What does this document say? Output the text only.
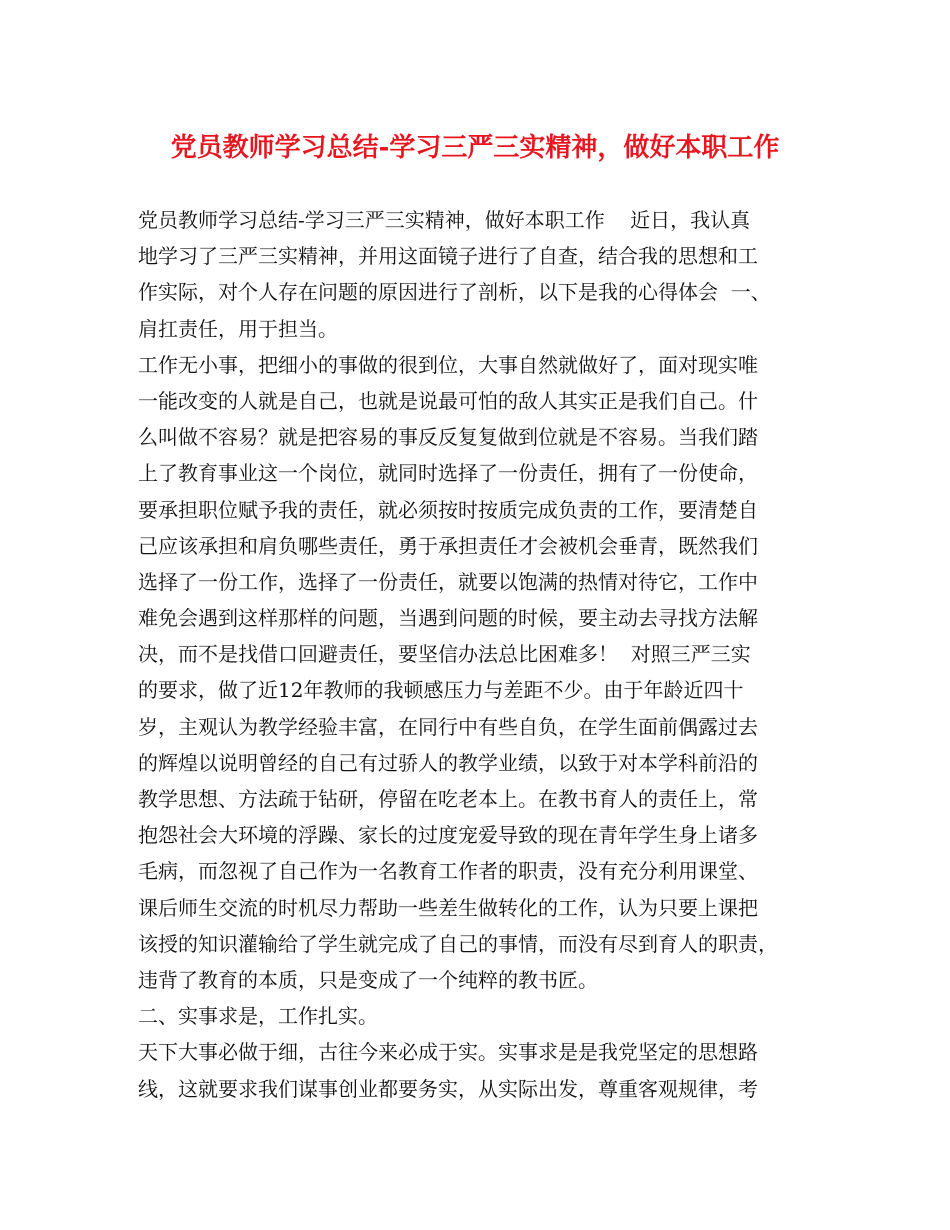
党员教师学习总结-学习三严三实精神，做好本职工作
党员教师学习总结-学习三严三实精神，做好本职工作    近日，我认真
地学习了三严三实精神，并用这面镜子进行了自查，结合我的思想和工
作实际，对个人存在问题的原因进行了剖析，以下是我的心得体会  一、
肩扛责任，用于担当。
工作无小事，把细小的事做的很到位，大事自然就做好了，面对现实唯
一能改变的人就是自己，也就是说最可怕的敌人其实正是我们自己。什
么叫做不容易？就是把容易的事反反复复做到位就是不容易。当我们踏
上了教育事业这一个岗位，就同时选择了一份责任，拥有了一份使命，
要承担职位赋予我的责任，就必须按时按质完成负责的工作，要清楚自
己应该承担和肩负哪些责任，勇于承担责任才会被机会垂青，既然我们
选择了一份工作，选择了一份责任，就要以饱满的热情对待它，工作中
难免会遇到这样那样的问题，当遇到问题的时候，要主动去寻找方法解
决，而不是找借口回避责任，要坚信办法总比困难多！  对照三严三实
的要求，做了近12年教师的我顿感压力与差距不少。由于年龄近四十
岁，主观认为教学经验丰富，在同行中有些自负，在学生面前偶露过去
的辉煌以说明曾经的自己有过骄人的教学业绩，以致于对本学科前沿的
教学思想、方法疏于钻研，停留在吃老本上。在教书育人的责任上，常
抱怨社会大环境的浮躁、家长的过度宠爱导致的现在青年学生身上诸多
毛病，而忽视了自己作为一名教育工作者的职责，没有充分利用课堂、
课后师生交流的时机尽力帮助一些差生做转化的工作，认为只要上课把
该授的知识灌输给了学生就完成了自己的事情，而没有尽到育人的职责，
违背了教育的本质，只是变成了一个纯粹的教书匠。
二、实事求是，工作扎实。
天下大事必做于细，古往今来必成于实。实事求是是我党坚定的思想路
线，这就要求我们谋事创业都要务实，从实际出发，尊重客观规律，考
